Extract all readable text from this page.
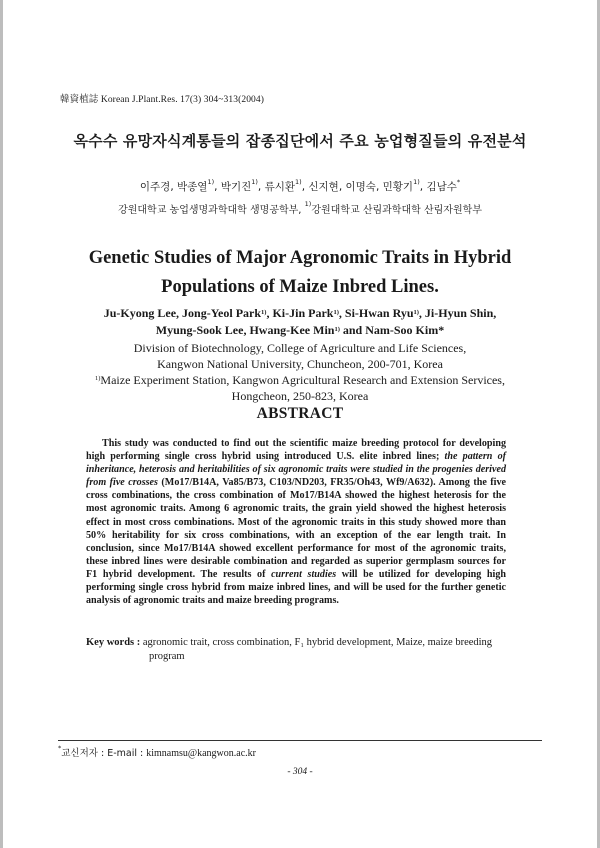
韓資植誌 Korean J.Plant.Res. 17(3) 304~313(2004)
옥수수 유망자식계통들의 잡종집단에서 주요 농업형질들의 유전분석
이주경, 박종열$^{1)}$, 박기진$^{1)}$, 류시환$^{1)}$, 신지현, 이명숙, 민황기$^{1)}$, 김남수*
강원대학교 농업생명과학대학 생명공학부, $^{1)}$강원대학교 산림과학대학 산림자원학부
Genetic Studies of Major Agronomic Traits in Hybrid
Populations of Maize Inbred Lines.
Ju-Kyong Lee, Jong-Yeol Park$^{1)}$, Ki-Jin Park$^{1)}$, Si-Hwan Ryu$^{1)}$, Ji-Hyun Shin,
Myung-Sook Lee, Hwang-Kee Min$^{1)}$ and Nam-Soo Kim*
Division of Biotechnology, College of Agriculture and Life Sciences,
Kangwon National University, Chuncheon, 200-701, Korea
$^{1)}$Maize Experiment Station, Kangwon Agricultural Research and Extension Services,
Hongcheon, 250-823, Korea
ABSTRACT

This study was conducted to find out the scientific maize breeding protocol for developing high performing single cross hybrid using introduced U.S. elite inbred lines; the pattern of inheritance, heterosis and heritabilities of six agronomic traits were studied in the progenies derived from five crosses (Mo17/B14A, Va85/B73, C103/ND203, FR35/Oh43, Wf9/A632). Among the five cross combinations, the cross combination of Mo17/B14A showed the highest heterosis for the most agronomic traits. Among 6 agronomic traits, the grain yield showed the highest heterosis effect in most cross combinations. Most of the agronomic traits in this study showed more than 50% heritability for six cross combinations, with an exception of the ear length trait. In conclusion, since Mo17/B14A showed excellent performance for most of the agronomic traits, these inbred lines were desirable combination and regarded as superior germplasm sources for F1 hybrid development. The results of current studies will be utilized for developing high performing single cross hybrid from maize inbred lines, and will be used for the further genetic analysis of agronomic traits and maize breeding programs.

Key words : agronomic trait, cross combination, F₁ hybrid development, Maize, maize breeding
program
*교신저자 : E-mail : kimnamsu@kangwon.ac.kr
- 304 -
